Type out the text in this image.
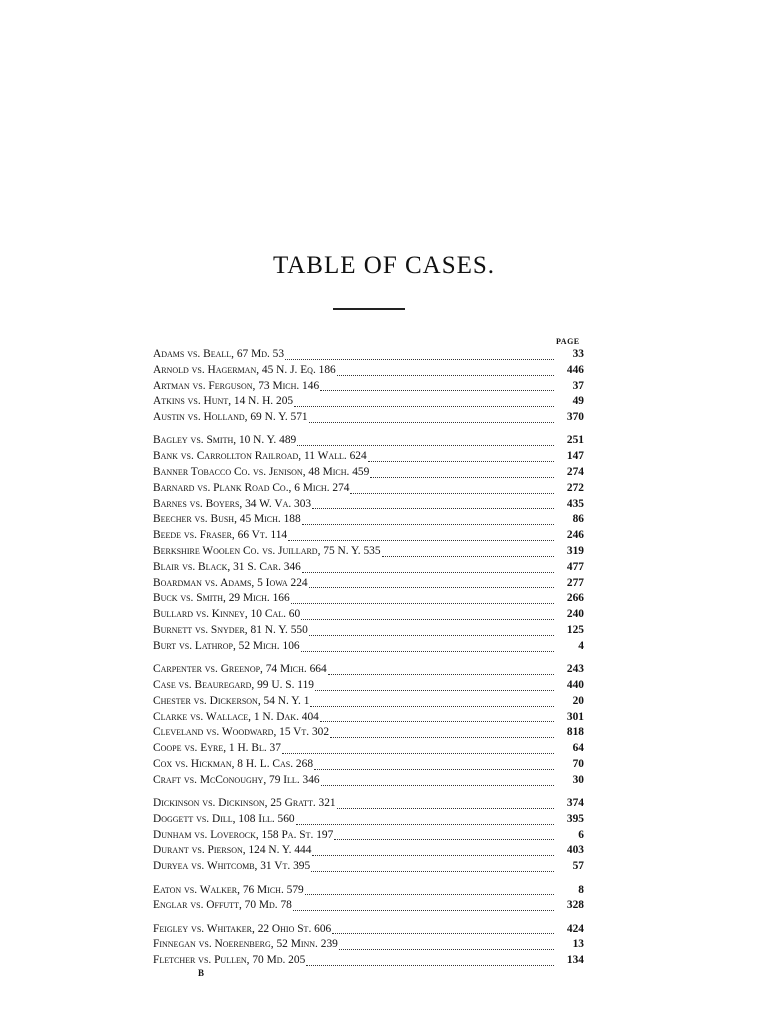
TABLE OF CASES.
PAGE
Adams vs. Beall, 67 Md. 53	33
Arnold vs. Hagerman, 45 N. J. Eq. 186	446
Artman vs. Ferguson, 73 Mich. 146	37
Atkins vs. Hunt, 14 N. H. 205	49
Austin vs. Holland, 69 N. Y. 571	370
Bagley vs. Smith, 10 N. Y. 489	251
Bank vs. Carrollton Railroad, 11 Wall. 624	147
Banner Tobacco Co. vs. Jenison, 48 Mich. 459	274
Barnard vs. Plank Road Co., 6 Mich. 274	272
Barnes vs. Boyers, 34 W. Va. 303	435
Beecher vs. Bush, 45 Mich. 188	86
Beede vs. Fraser, 66 Vt. 114	246
Berkshire Woolen Co. vs. Juillard, 75 N. Y. 535	319
Blair vs. Black, 31 S. Car. 346	477
Boardman vs. Adams, 5 Iowa 224	277
Buck vs. Smith, 29 Mich. 166	266
Bullard vs. Kinney, 10 Cal. 60	240
Burnett vs. Snyder, 81 N. Y. 550	125
Burt vs. Lathrop, 52 Mich. 106	4
Carpenter vs. Greenop, 74 Mich. 664	243
Case vs. Beauregard, 99 U. S. 119	440
Chester vs. Dickerson, 54 N. Y. 1	20
Clarke vs. Wallace, 1 N. Dak. 404	301
Cleveland vs. Woodward, 15 Vt. 302	818
Coope vs. Eyre, 1 H. Bl. 37	64
Cox vs. Hickman, 8 H. L. Cas. 268	70
Craft vs. McConoughy, 79 Ill. 346	30
Dickinson vs. Dickinson, 25 Gratt. 321	374
Doggett vs. Dill, 108 Ill. 560	395
Dunham vs. Loverock, 158 Pa. St. 197	6
Durant vs. Pierson, 124 N. Y. 444	403
Duryea vs. Whitcomb, 31 Vt. 395	57
Eaton vs. Walker, 76 Mich. 579	8
Englar vs. Offutt, 70 Md. 78	328
Feigley vs. Whitaker, 22 Ohio St. 606	424
Finnegan vs. Noerenberg, 52 Minn. 239	13
Fletcher vs. Pullen, 70 Md. 205	134
B
